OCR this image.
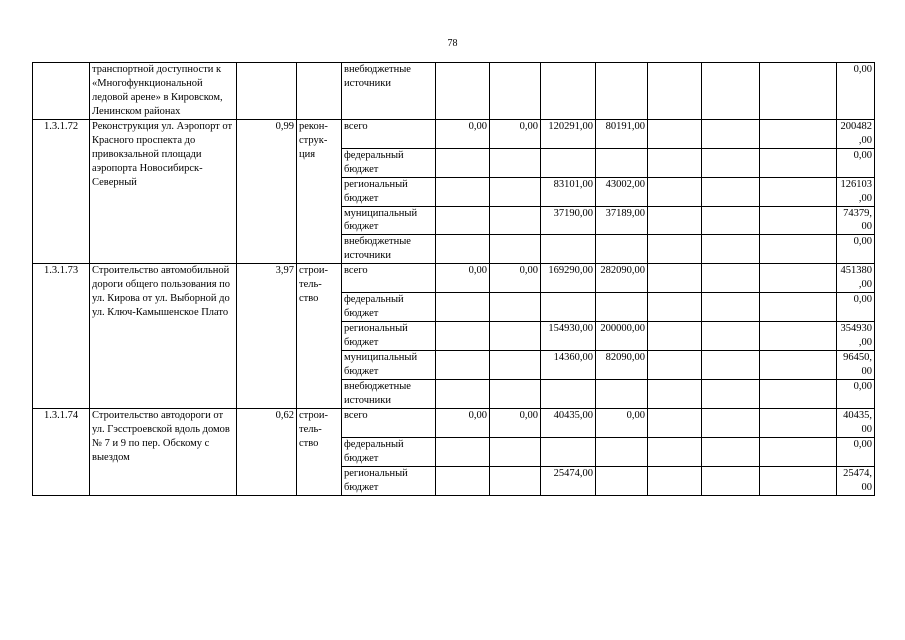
78
	транспортной доступности к «Многофункциональной ледовой арене» в Кировском, Ленинском районах			внебюджетные источники								0,00
1.3.1.72	Реконструкция ул. Аэропорт от Красного проспекта до привокзальной площади аэропорта Новосибирск-Северный	0,99	рекон-струк-ция	всего	0,00	0,00	120291,00	80191,00				200482,00
				федеральный бюджет								0,00
				региональный бюджет			83101,00	43002,00				126103,00
				муниципальный бюджет			37190,00	37189,00				74379,00
				внебюджетные источники								0,00
1.3.1.73	Строительство автомобильной дороги общего пользования по ул. Кирова от ул. Выборной до ул. Ключ-Камышенское Плато	3,97	строи-тель-ство	всего	0,00	0,00	169290,00	282090,00				451380,00
				федеральный бюджет								0,00
				региональный бюджет			154930,00	200000,00				354930,00
				муниципальный бюджет			14360,00	82090,00				96450,00
				внебюджетные источники								0,00
1.3.1.74	Строительство автодороги от ул. Гэсстроевской вдоль домов № 7 и 9 по пер. Обскому с выездом	0,62	строи-тель-ство	всего	0,00	0,00	40435,00	0,00				40435,00
				федеральный бюджет								0,00
				региональный бюджет			25474,00					25474,00
